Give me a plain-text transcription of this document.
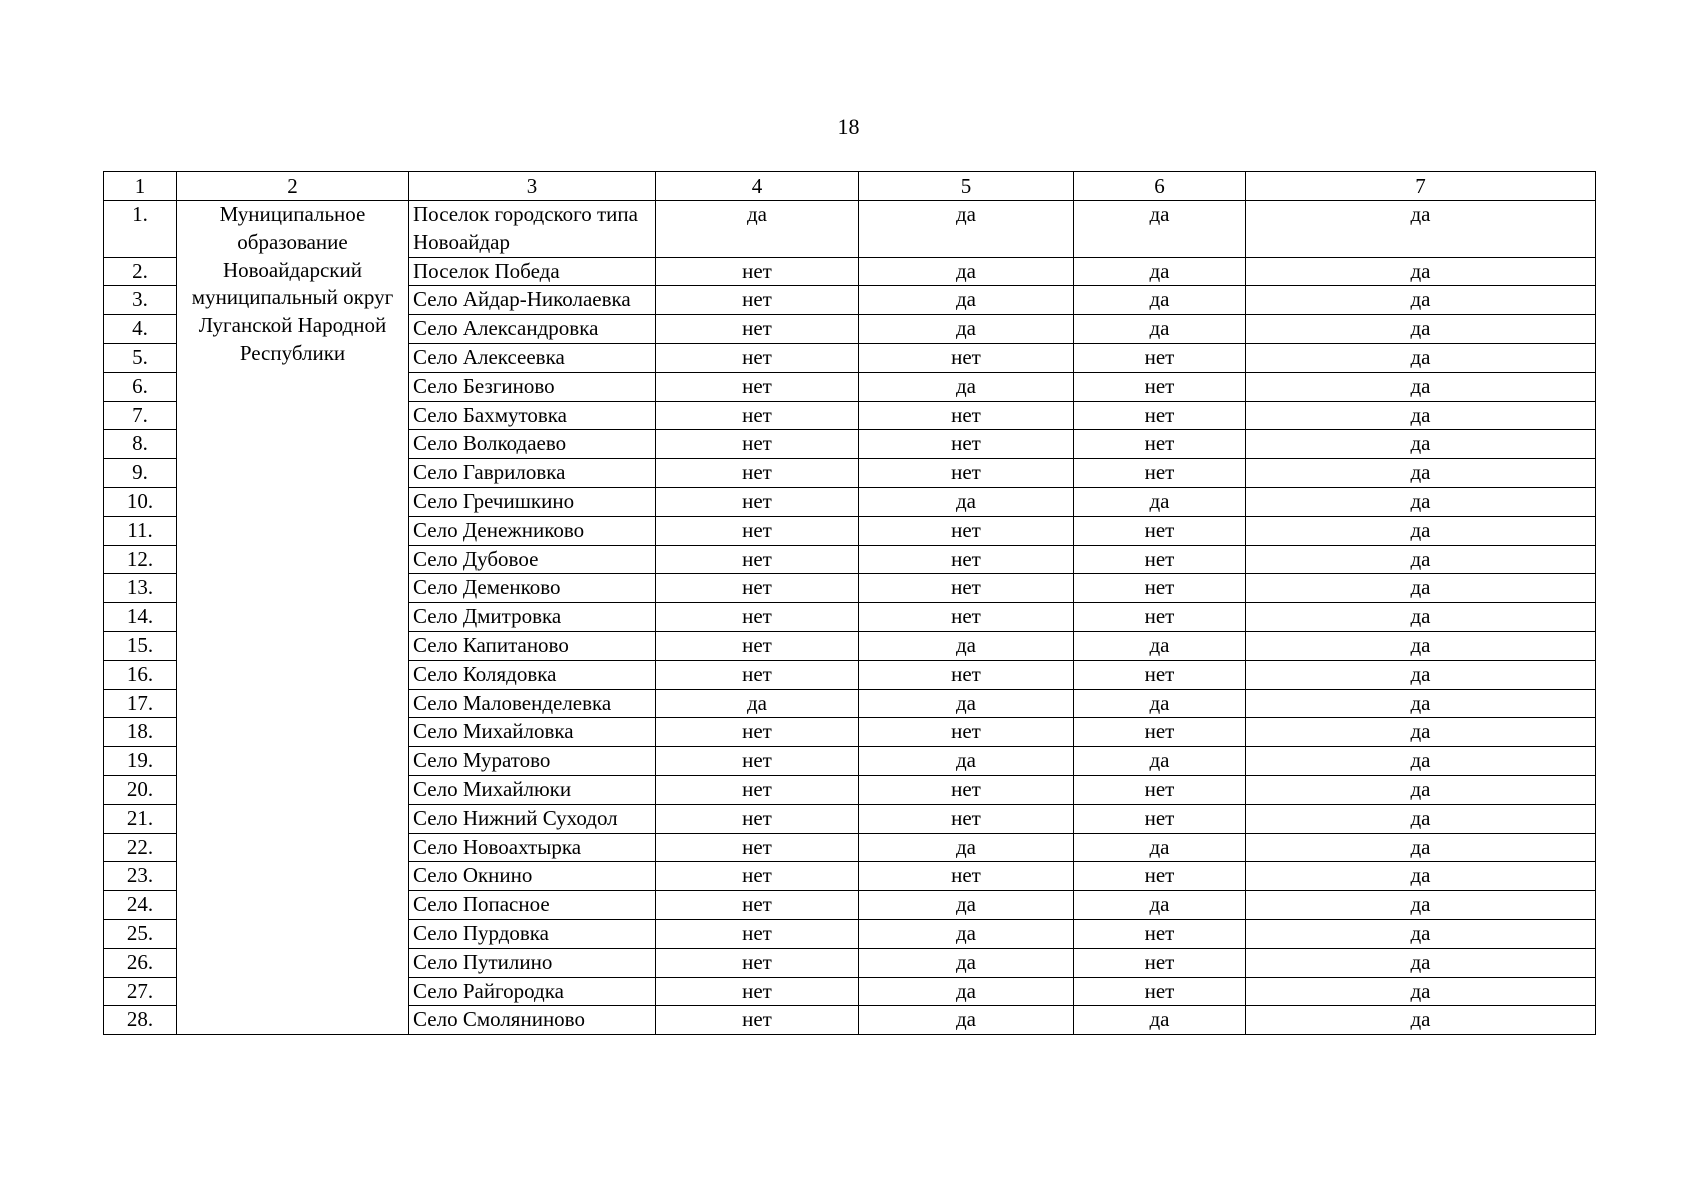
18
1	2	3	4	5	6	7
1.	Муниципальное образование Новоайдарский муниципальный округ Луганской Народной Республики	Поселок городского типа Новоайдар	да	да	да	да
2.		Поселок Победа	нет	да	да	да
3.		Село Айдар-Николаевка	нет	да	да	да
4.		Село Александровка	нет	да	да	да
5.		Село Алексеевка	нет	нет	нет	да
6.		Село Безгиново	нет	да	нет	да
7.		Село Бахмутовка	нет	нет	нет	да
8.		Село Волкодаево	нет	нет	нет	да
9.		Село Гавриловка	нет	нет	нет	да
10.		Село Гречишкино	нет	да	да	да
11.		Село Денежниково	нет	нет	нет	да
12.		Село Дубовое	нет	нет	нет	да
13.		Село Деменково	нет	нет	нет	да
14.		Село Дмитровка	нет	нет	нет	да
15.		Село Капитаново	нет	да	да	да
16.		Село Колядовка	нет	нет	нет	да
17.		Село Маловенделевка	да	да	да	да
18.		Село Михайловка	нет	нет	нет	да
19.		Село Муратово	нет	да	да	да
20.		Село Михайлюки	нет	нет	нет	да
21.		Село Нижний Суходол	нет	нет	нет	да
22.		Село Новоахтырка	нет	да	да	да
23.		Село Окнино	нет	нет	нет	да
24.		Село Попасное	нет	да	да	да
25.		Село Пурдовка	нет	да	нет	да
26.		Село Путилино	нет	да	нет	да
27.		Село Райгородка	нет	да	нет	да
28.		Село Смоляниново	нет	да	да	да
